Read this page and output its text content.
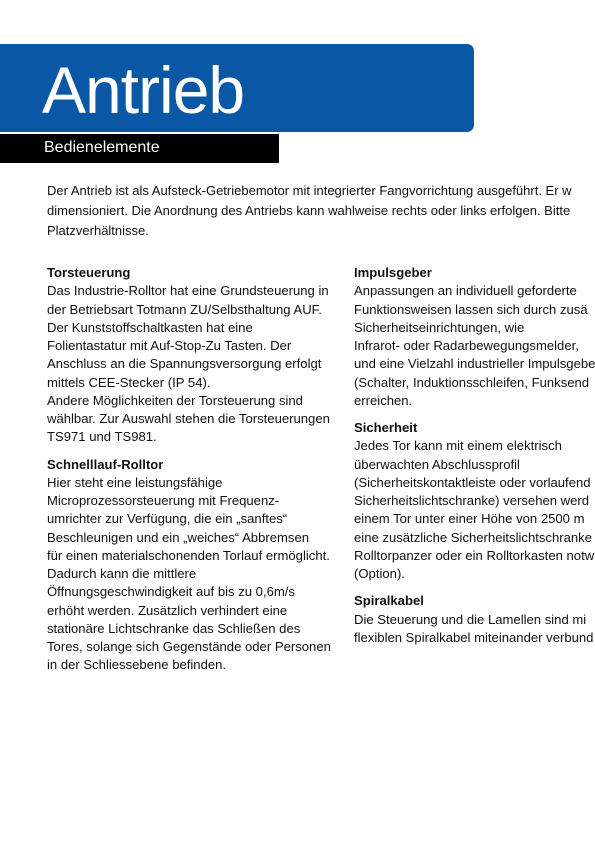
Antrieb
Bedienelemente

Der Antrieb ist als Aufsteck-Getriebemotor mit integrierter Fangvorrichtung ausgeführt. Er w
dimensioniert. Die Anordnung des Antriebs kann wahlweise rechts oder links erfolgen. Bitte
Platzverhältnisse.

Torsteuerung

Das Industrie-Rolltor hat eine Grundsteuerung in
der Betriebsart Totmann ZU/Selbsthaltung AUF.
Der Kunststoffschaltkasten hat eine
Folientastatur mit Auf-Stop-Zu Tasten. Der
Anschluss an die Spannungsversorgung erfolgt
mittels CEE-Stecker (IP 54).
Andere Möglichkeiten der Torsteuerung sind
wählbar. Zur Auswahl stehen die Torsteuerungen
TS971 und TS981.

Schnelllauf-Rolltor

Hier steht eine leistungsfähige
Microprozessorsteuerung mit Frequenz-
umrichter zur Verfügung, die ein „sanftes“
Beschleunigen und ein „weiches“ Abbremsen
für einen materialschonenden Torlauf ermöglicht.
Dadurch kann die mittlere
Öffnungsgeschwindigkeit auf bis zu 0,6m/s
erhöht werden. Zusätzlich verhindert eine
stationäre Lichtschranke das Schließen des
Tores, solange sich Gegenstände oder Personen
in der Schliessebene befinden.

Impulsgeber

Anpassungen an individuell geforderte
Funktionsweisen lassen sich durch zusä
Sicherheitseinrichtungen, wie
Infrarot- oder Radarbewegungsmelder,
und eine Vielzahl industrieller Impulsgebe
(Schalter, Induktionsschleifen, Funksend
erreichen.

Sicherheit

Jedes Tor kann mit einem elektrisch
überwachten Abschlussprofil
(Sicherheitskontaktleiste oder vorlaufend
Sicherheitslichtschranke) versehen werd
einem Tor unter einer Höhe von 2500 m
eine zusätzliche Sicherheitslichtschranke
Rolltorpanzer oder ein Rolltorkasten notw
(Option).

Spiralkabel

Die Steuerung und die Lamellen sind mi
flexiblen Spiralkabel miteinander verbund
